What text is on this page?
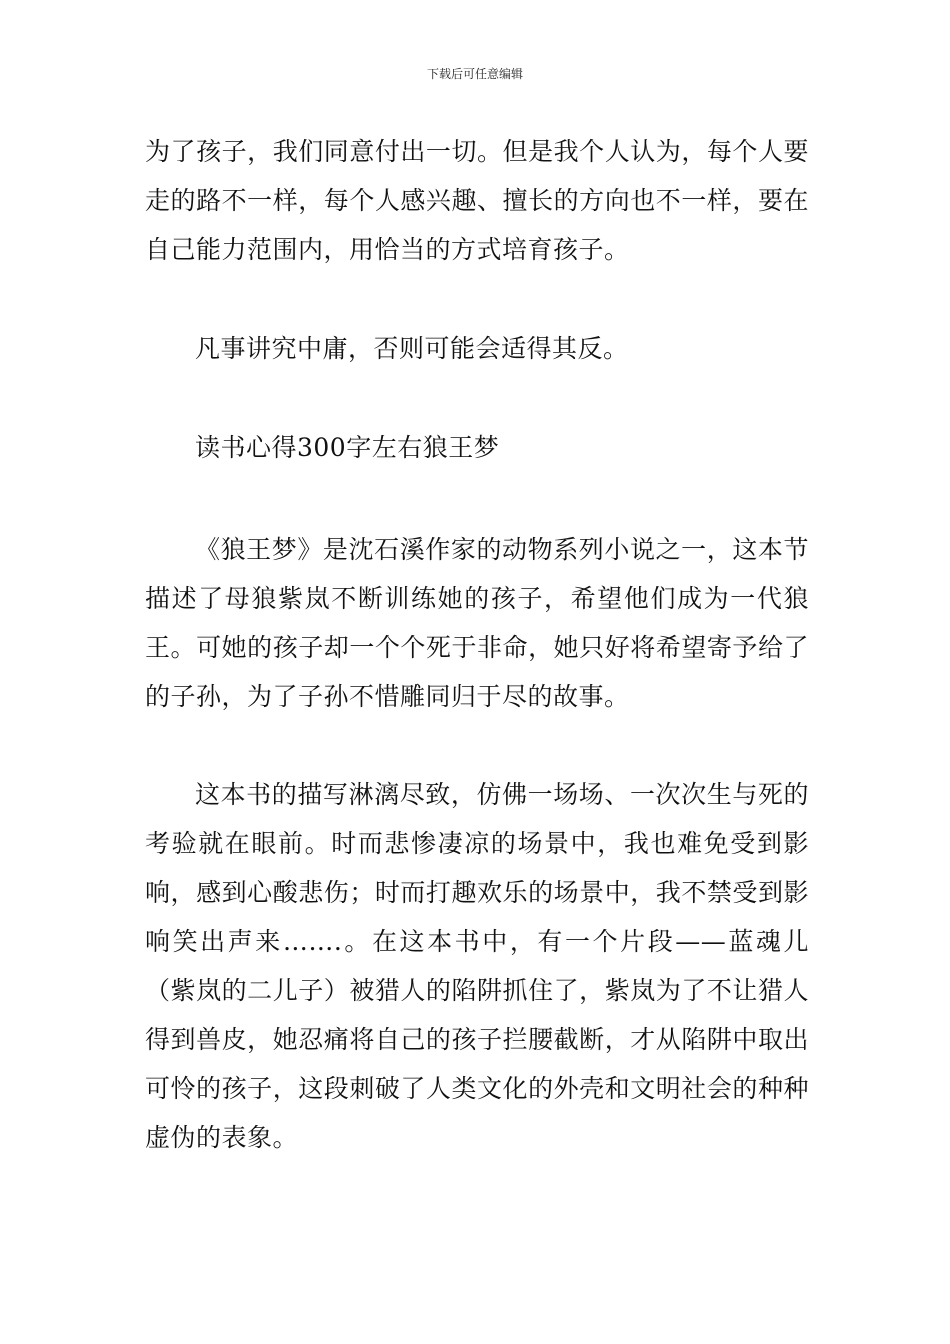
下载后可任意编辑

为了孩子，我们同意付出一切。但是我个人认为，每个人要走的路不一样，每个人感兴趣、擅长的方向也不一样，要在自己能力范围内，用恰当的方式培育孩子。

凡事讲究中庸，否则可能会适得其反。

读书心得300字左右狼王梦

《狼王梦》是沈石溪作家的动物系列小说之一，这本节描述了母狼紫岚不断训练她的孩子，希望他们成为一代狼王。可她的孩子却一个个死于非命，她只好将希望寄予给了的子孙，为了子孙不惜雕同归于尽的故事。

这本书的描写淋漓尽致，仿佛一场场、一次次生与死的考验就在眼前。时而悲惨凄凉的场景中，我也难免受到影响，感到心酸悲伤；时而打趣欢乐的场景中，我不禁受到影响笑出声来…….。在这本书中，有一个片段——蓝魂儿（紫岚的二儿子）被猎人的陷阱抓住了，紫岚为了不让猎人得到兽皮，她忍痛将自己的孩子拦腰截断，才从陷阱中取出可怜的孩子，这段刺破了人类文化的外壳和文明社会的种种虚伪的表象。
